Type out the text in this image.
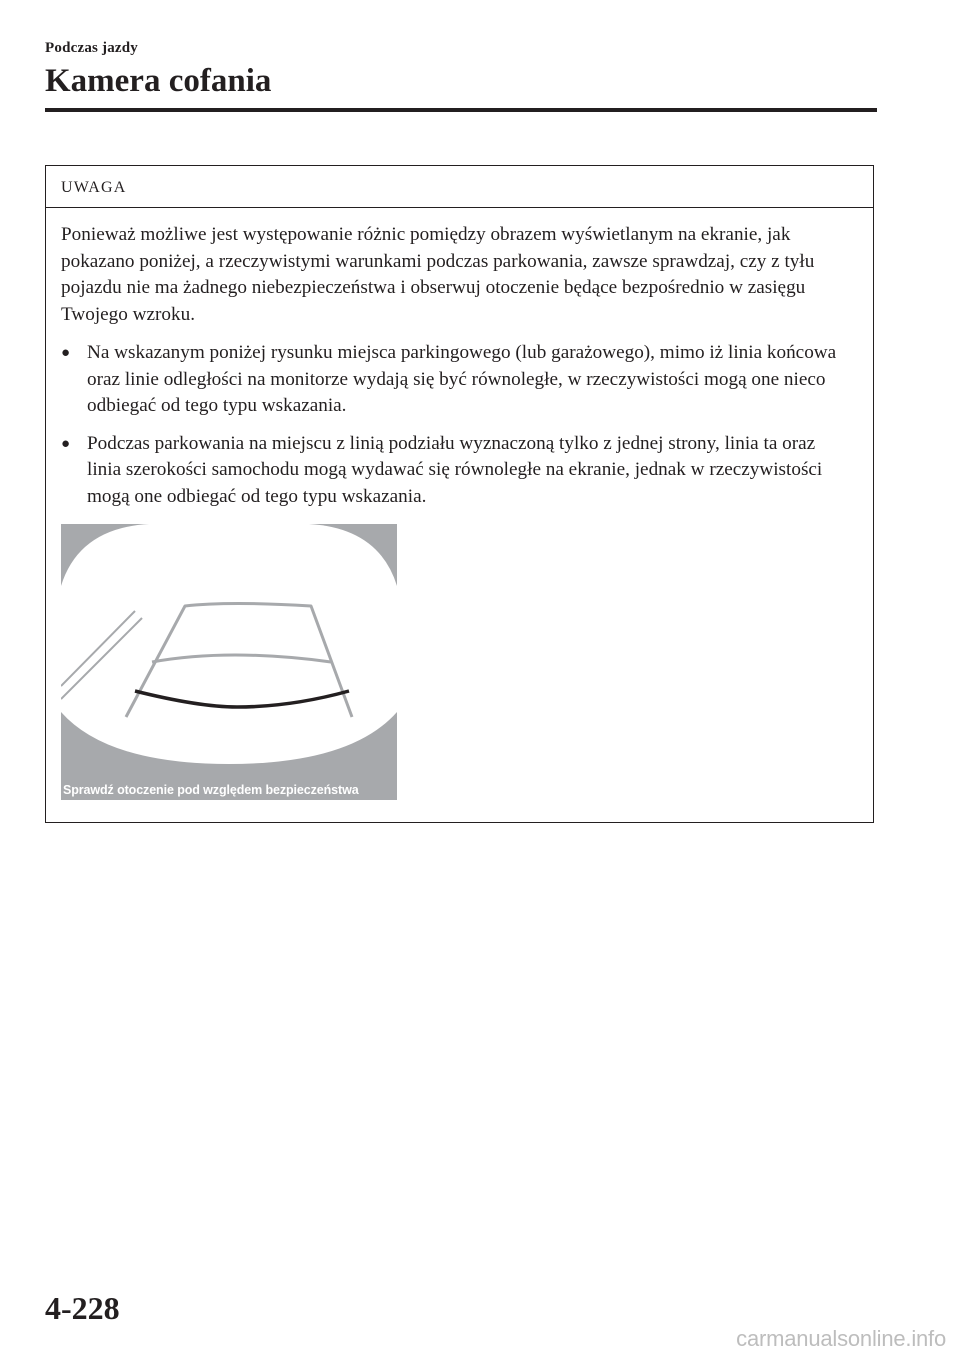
Podczas jazdy
Kamera cofania
UWAGA

Ponieważ możliwe jest występowanie różnic pomiędzy obrazem wyświetlanym na ekranie, jak pokazano poniżej, a rzeczywistymi warunkami podczas parkowania, zawsze sprawdzaj, czy z tyłu pojazdu nie ma żadnego niebezpieczeństwa i obserwuj otoczenie będące bezpośrednio w zasięgu Twojego wzroku.

● Na wskazanym poniżej rysunku miejsca parkingowego (lub garażowego), mimo iż linia końcowa oraz linie odległości na monitorze wydają się być równoległe, w rzeczywistości mogą one nieco odbiegać od tego typu wskazania.
● Podczas parkowania na miejscu z linią podziału wyznaczoną tylko z jednej strony, linia ta oraz linia szerokości samochodu mogą wydawać się równoległe na ekranie, jednak w rzeczywistości mogą one odbiegać od tego typu wskazania.
Sprawdź otoczenie pod względem bezpieczeństwa
4-228
carmanualsonline.info
